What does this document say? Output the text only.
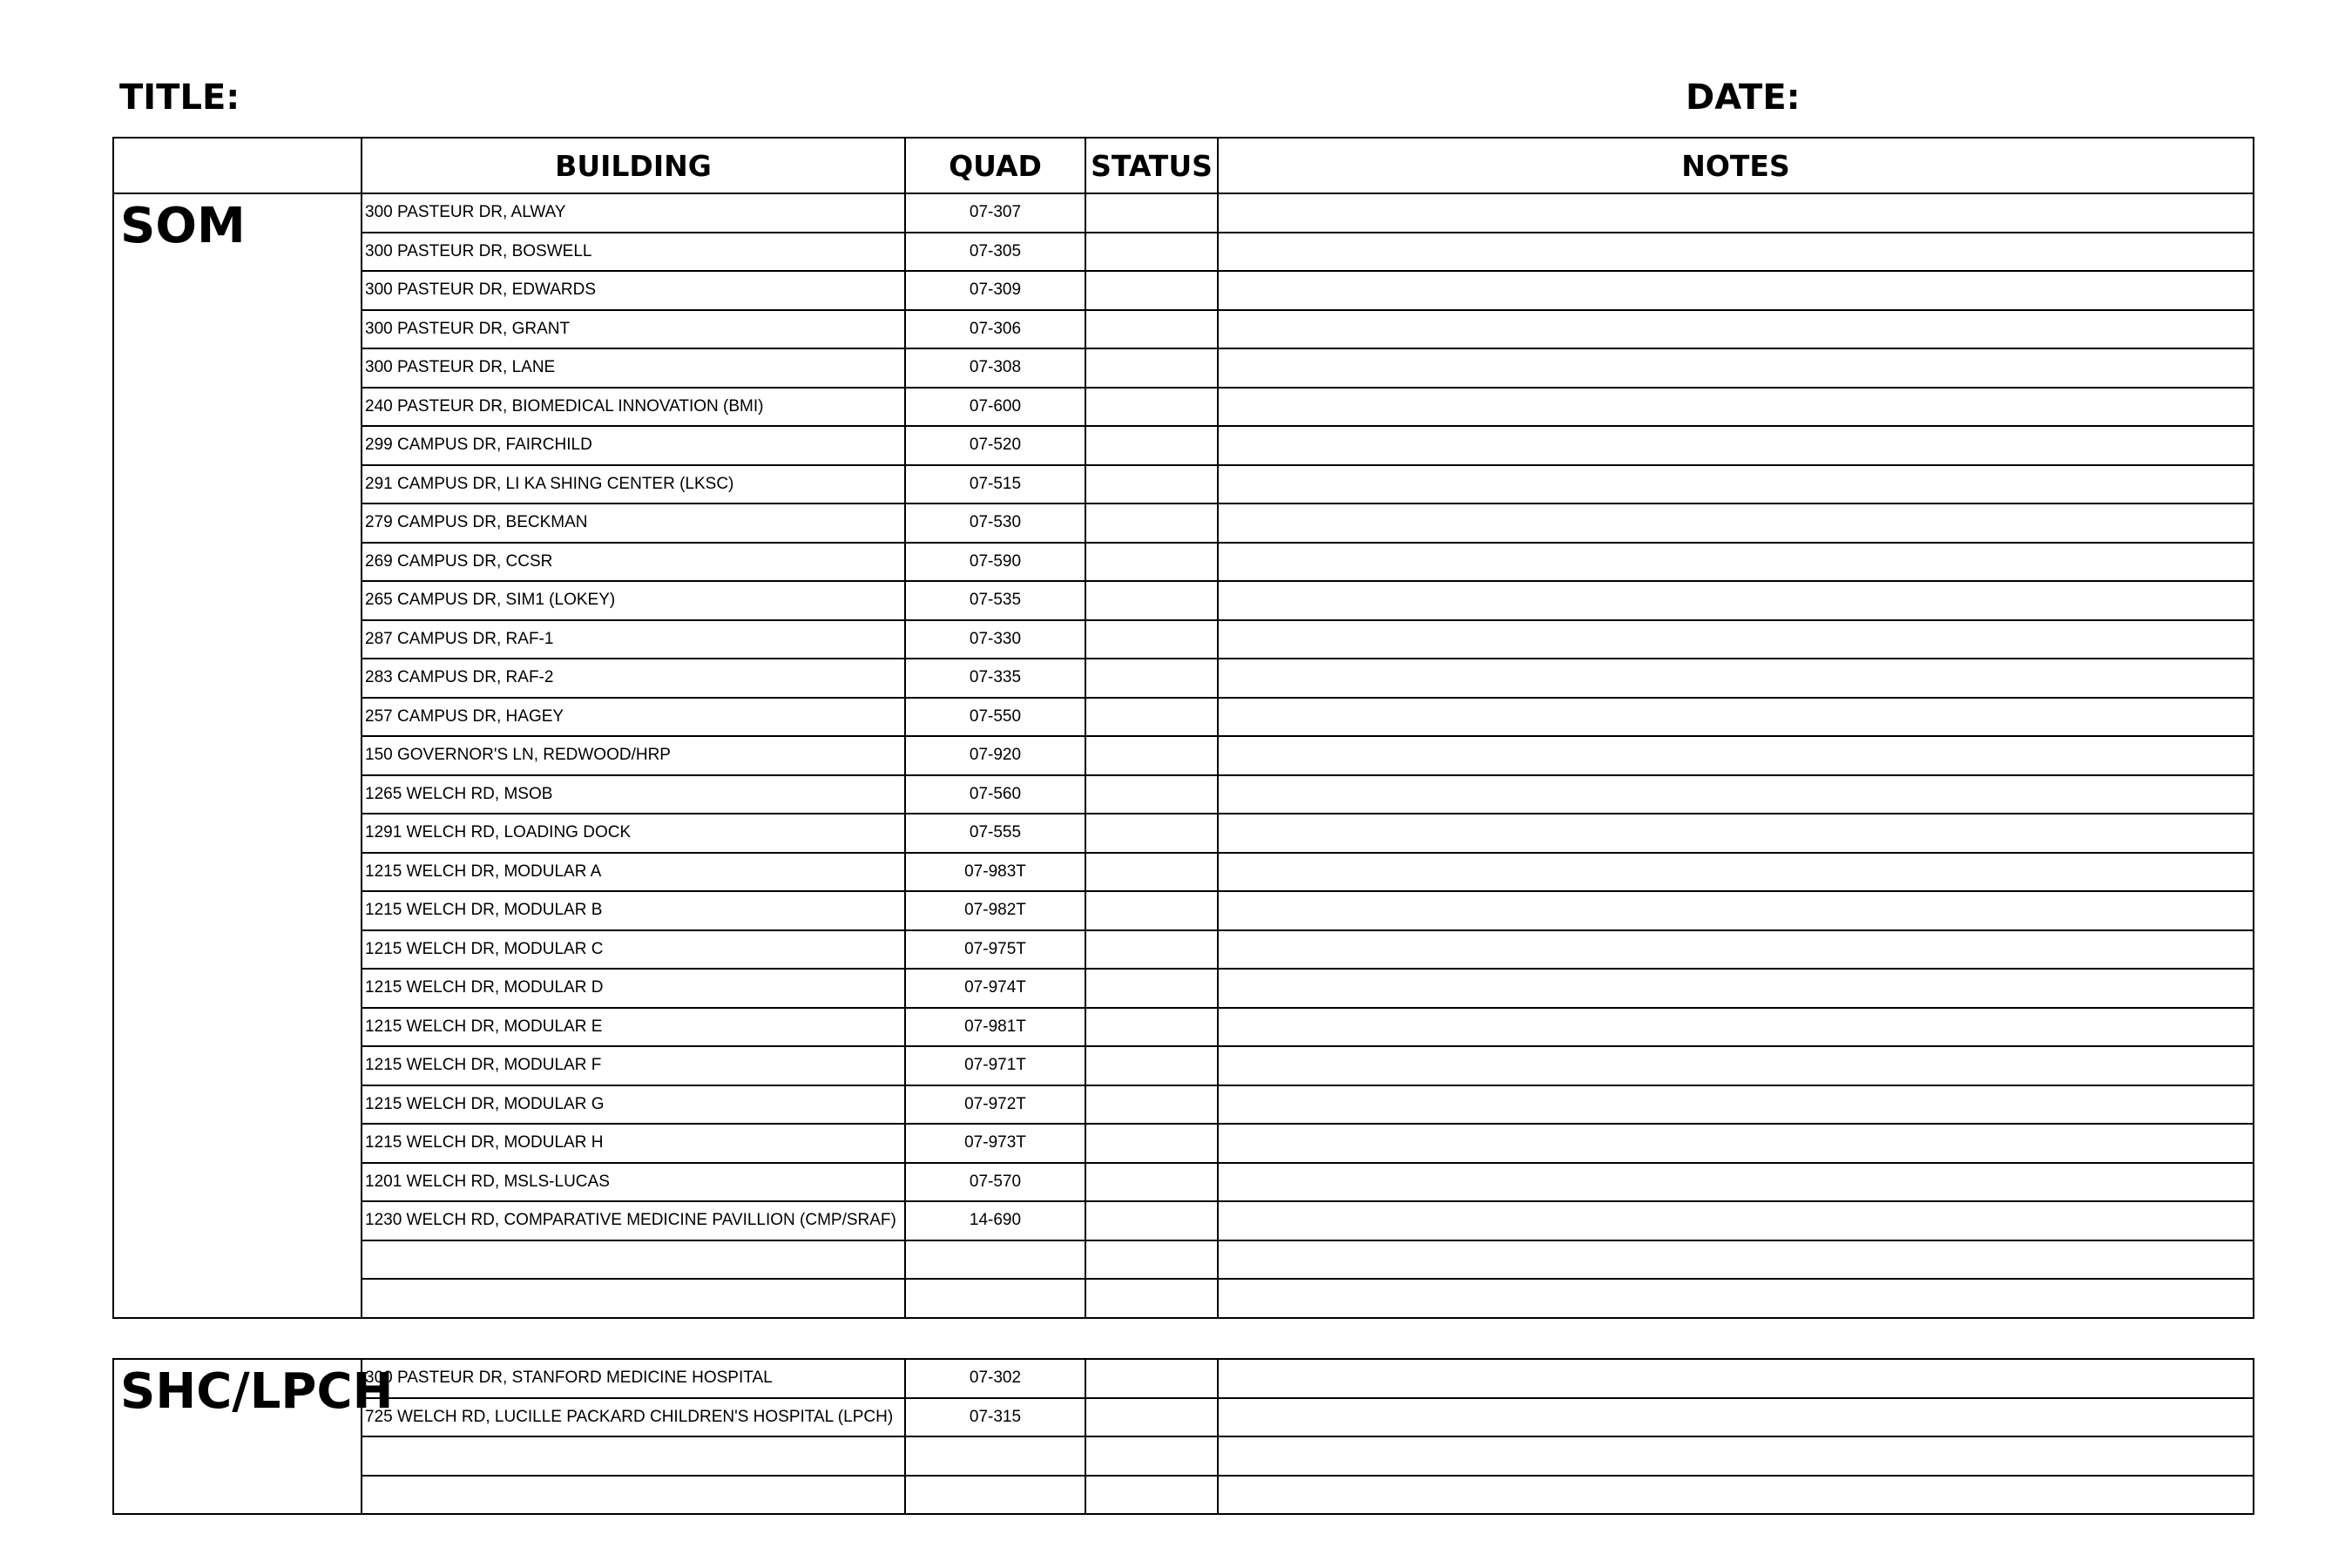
TITLE:	DATE:
	BUILDING	QUAD	STATUS	NOTES
SOM	300 PASTEUR DR, ALWAY	07-307		
	300 PASTEUR DR, BOSWELL	07-305		
	300 PASTEUR DR, EDWARDS	07-309		
	300 PASTEUR DR, GRANT	07-306		
	300 PASTEUR DR, LANE	07-308		
	240 PASTEUR DR, BIOMEDICAL INNOVATION (BMI)	07-600		
	299 CAMPUS DR, FAIRCHILD	07-520		
	291 CAMPUS DR, LI KA SHING CENTER (LKSC)	07-515		
	279 CAMPUS DR, BECKMAN	07-530		
	269 CAMPUS DR, CCSR	07-590		
	265 CAMPUS DR, SIM1 (LOKEY)	07-535		
	287 CAMPUS DR, RAF-1	07-330		
	283 CAMPUS DR, RAF-2	07-335		
	257 CAMPUS DR, HAGEY	07-550		
	150 GOVERNOR'S LN, REDWOOD/HRP	07-920		
	1265 WELCH RD, MSOB	07-560		
	1291 WELCH RD, LOADING DOCK	07-555		
	1215 WELCH DR, MODULAR A	07-983T		
	1215 WELCH DR, MODULAR B	07-982T		
	1215 WELCH DR, MODULAR C	07-975T		
	1215 WELCH DR, MODULAR D	07-974T		
	1215 WELCH DR, MODULAR E	07-981T		
	1215 WELCH DR, MODULAR F	07-971T		
	1215 WELCH DR, MODULAR G	07-972T		
	1215 WELCH DR, MODULAR H	07-973T		
	1201 WELCH RD, MSLS-LUCAS	07-570		
	1230 WELCH RD, COMPARATIVE MEDICINE PAVILLION (CMP/SRAF)	14-690		

SHC/LPCH	300 PASTEUR DR, STANFORD MEDICINE HOSPITAL	07-302		
	725 WELCH RD, LUCILLE PACKARD CHILDREN'S HOSPITAL (LPCH)	07-315		
